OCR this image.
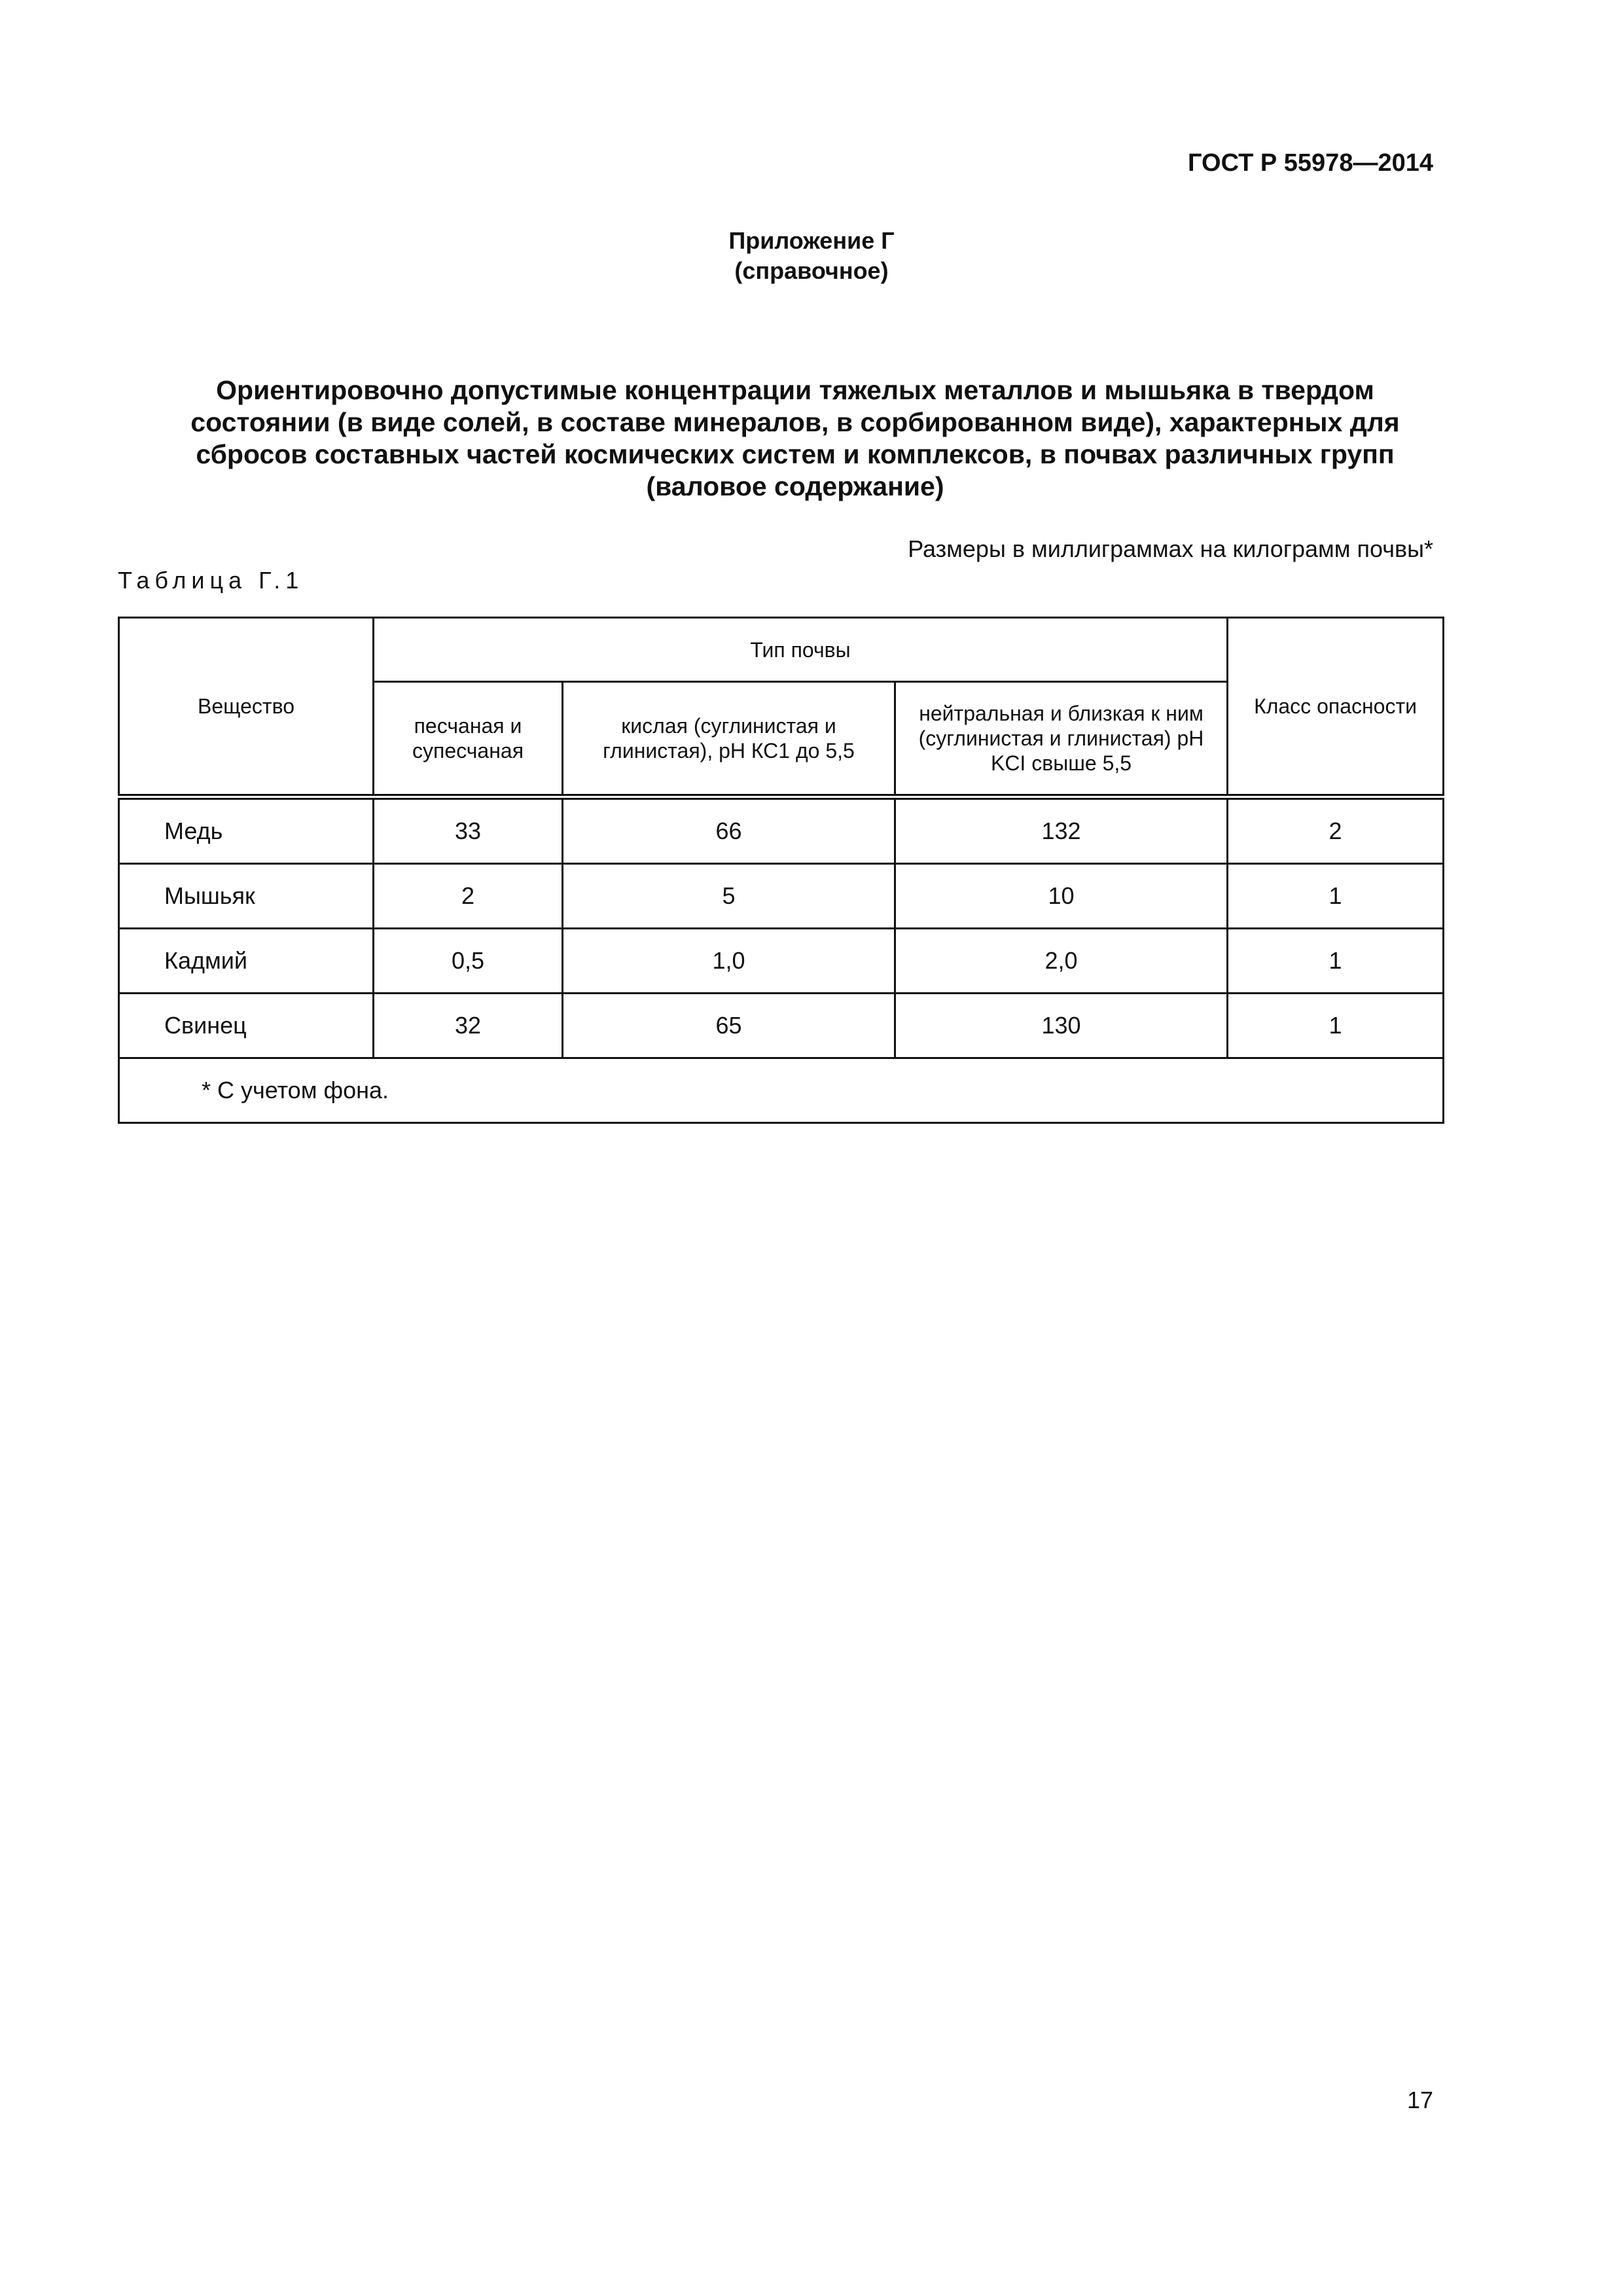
ГОСТ Р 55978—2014

Приложение Г
(справочное)
Ориентировочно допустимые концентрации тяжелых металлов и мышьяка в твердом
состоянии (в виде солей, в составе минералов, в сорбированном виде), характерных для
сбросов составных частей космических систем и комплексов, в почвах различных групп
(валовое содержание)

Размеры в миллиграммах на килограмм почвы*

Таблица Г.1

Вещество	Тип почвы			Класс опасности
	песчаная и супесчаная	кислая (суглинистая и глинистая), рН КС1 до 5,5	нейтральная и близкая к ним (суглинистая и глинистая) рН KCI свыше 5,5	
Медь	33	66	132	2
Мышьяк	2	5	10	1
Кадмий	0,5	1,0	2,0	1
Свинец	32	65	130	1
* С учетом фона.				

17
